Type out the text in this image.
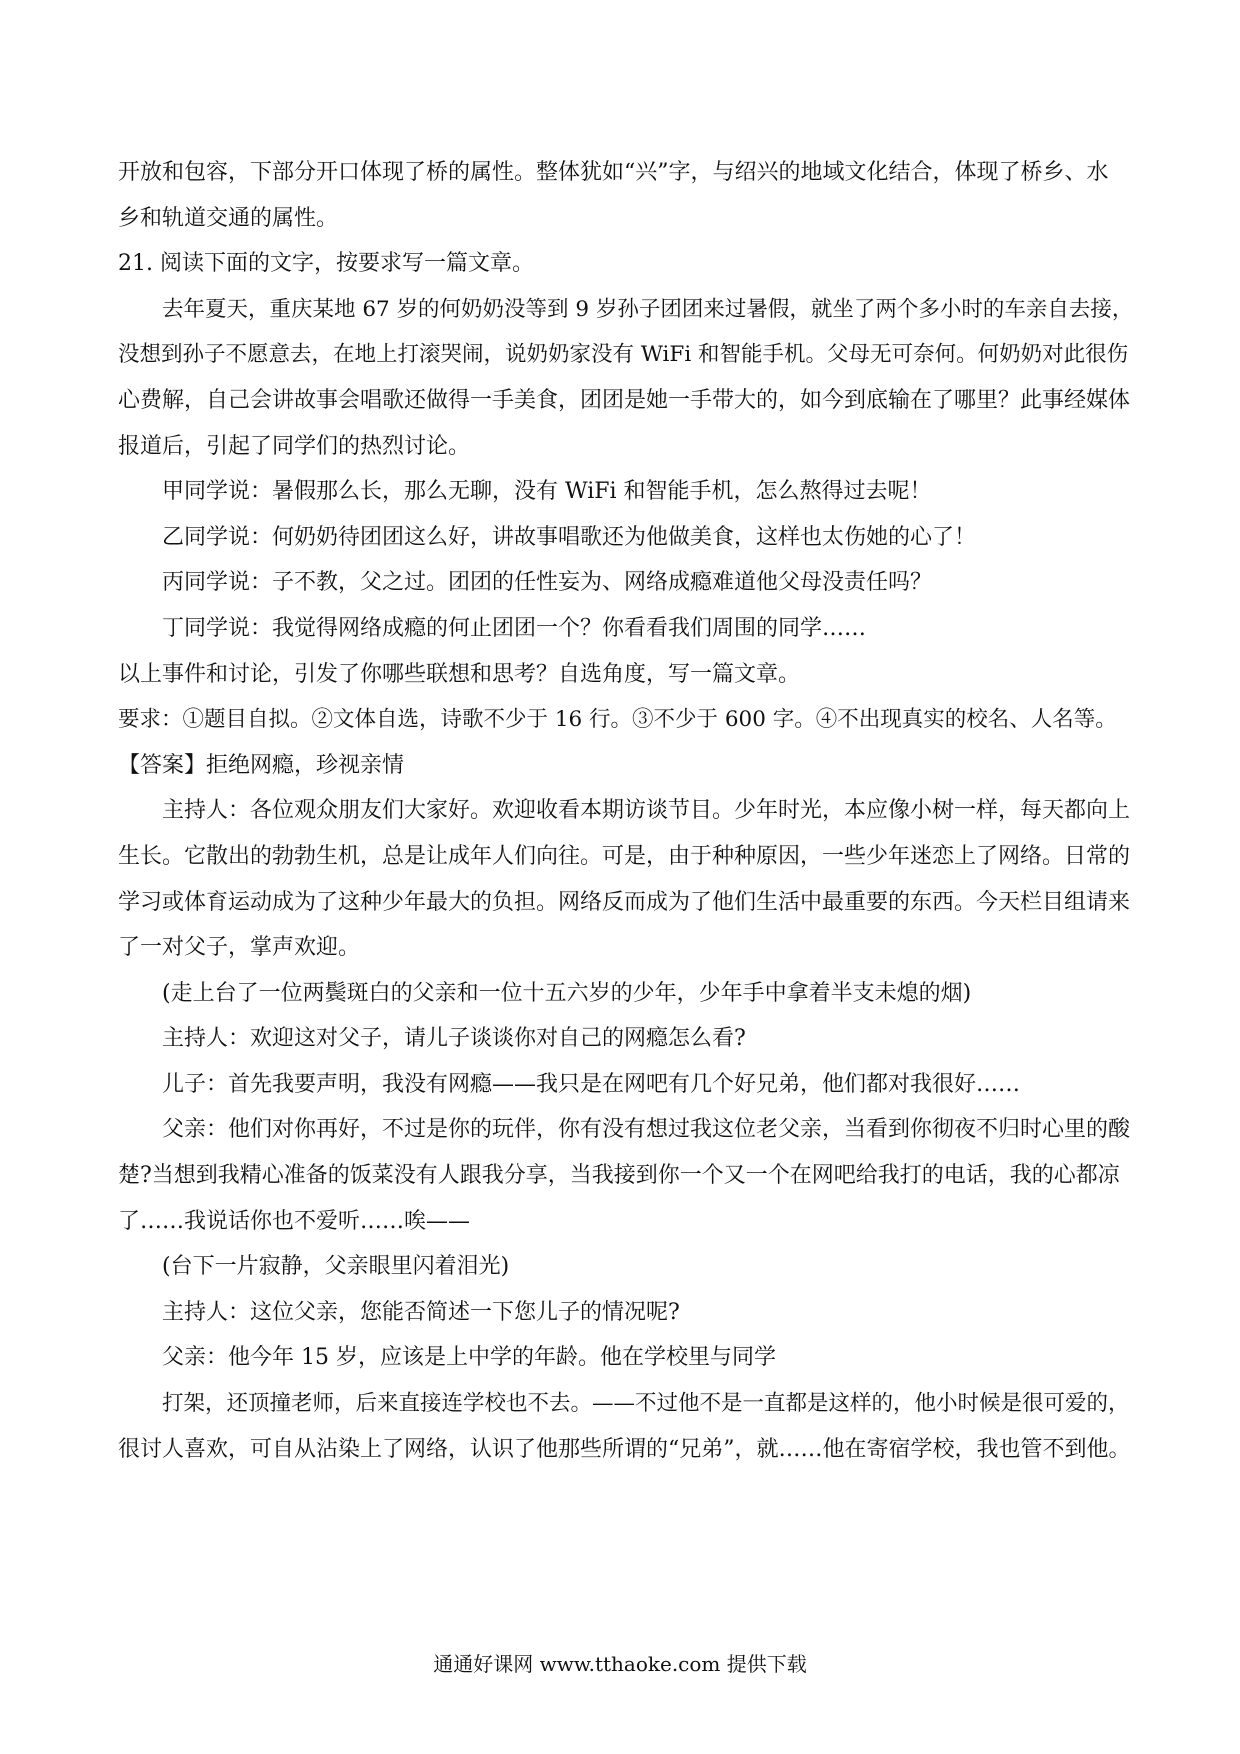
开放和包容，下部分开口体现了桥的属性。整体犹如“兴”字，与绍兴的地域文化结合，体现了桥乡、水
乡和轨道交通的属性。
21. 阅读下面的文字，按要求写一篇文章。
去年夏天，重庆某地 67 岁的何奶奶没等到 9 岁孙子团团来过暑假，就坐了两个多小时的车亲自去接，
没想到孙子不愿意去，在地上打滚哭闹，说奶奶家没有 WiFi 和智能手机。父母无可奈何。何奶奶对此很伤
心费解，自己会讲故事会唱歌还做得一手美食，团团是她一手带大的，如今到底输在了哪里？此事经媒体
报道后，引起了同学们的热烈讨论。
甲同学说：暑假那么长，那么无聊，没有 WiFi 和智能手机，怎么熬得过去呢！
乙同学说：何奶奶待团团这么好，讲故事唱歌还为他做美食，这样也太伤她的心了！
丙同学说：子不教，父之过。团团的任性妄为、网络成瘾难道他父母没责任吗？
丁同学说：我觉得网络成瘾的何止团团一个？你看看我们周围的同学……
以上事件和讨论，引发了你哪些联想和思考？自选角度，写一篇文章。
要求：①题目自拟。②文体自选，诗歌不少于 16 行。③不少于 600 字。④不出现真实的校名、人名等。
【答案】拒绝网瘾，珍视亲情
主持人：各位观众朋友们大家好。欢迎收看本期访谈节目。少年时光，本应像小树一样，每天都向上
生长。它散出的勃勃生机，总是让成年人们向往。可是，由于种种原因，一些少年迷恋上了网络。日常的
学习或体育运动成为了这种少年最大的负担。网络反而成为了他们生活中最重要的东西。今天栏目组请来
了一对父子，掌声欢迎。
(走上台了一位两鬓斑白的父亲和一位十五六岁的少年，少年手中拿着半支未熄的烟)
主持人：欢迎这对父子，请儿子谈谈你对自己的网瘾怎么看?
儿子：首先我要声明，我没有网瘾——我只是在网吧有几个好兄弟，他们都对我很好……
父亲：他们对你再好，不过是你的玩伴，你有没有想过我这位老父亲，当看到你彻夜不归时心里的酸
楚?当想到我精心准备的饭菜没有人跟我分享，当我接到你一个又一个在网吧给我打的电话，我的心都凉
了……我说话你也不爱听……唉——
(台下一片寂静，父亲眼里闪着泪光)
主持人：这位父亲，您能否简述一下您儿子的情况呢?
父亲：他今年 15 岁，应该是上中学的年龄。他在学校里与同学
打架，还顶撞老师，后来直接连学校也不去。——不过他不是一直都是这样的，他小时候是很可爱的，
很讨人喜欢，可自从沾染上了网络，认识了他那些所谓的“兄弟”，就……他在寄宿学校，我也管不到他。
通通好课网 www.tthaoke.com 提供下载
